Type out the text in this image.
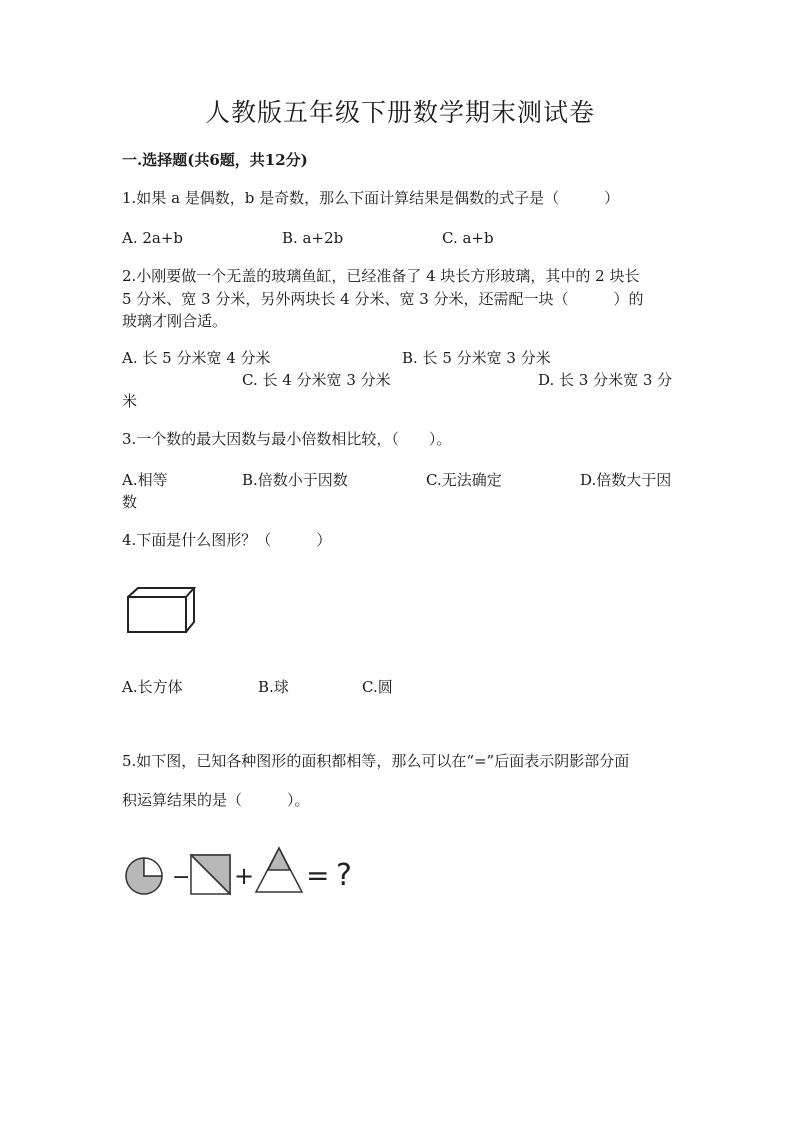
人教版五年级下册数学期末测试卷
一.选择题(共6题，共12分)
1.如果 a 是偶数，b 是奇数，那么下面计算结果是偶数的式子是（　　　）
A. 2a+b	B. a+2b	C. a+b
2.小刚要做一个无盖的玻璃鱼缸，已经准备了 4 块长方形玻璃，其中的 2 块长
5 分米、宽 3 分米，另外两块长 4 分米、宽 3 分米，还需配一块（　　　）的
玻璃才刚合适。
A. 长 5 分米宽 4 分米	B. 长 5 分米宽 3 分米
C. 长 4 分米宽 3 分米	D. 长 3 分米宽 3 分
米
3.一个数的最大因数与最小倍数相比较，（　　）。
A.相等	B.倍数小于因数	C.无法确定	D.倍数大于因
数
4.下面是什么图形？（　　　）
A.长方体	B.球	C.圆
5.如下图，已知各种图形的面积都相等，那么可以在“=”后面表示阴影部分面
积运算结果的是（　　　）。
− + = ?
